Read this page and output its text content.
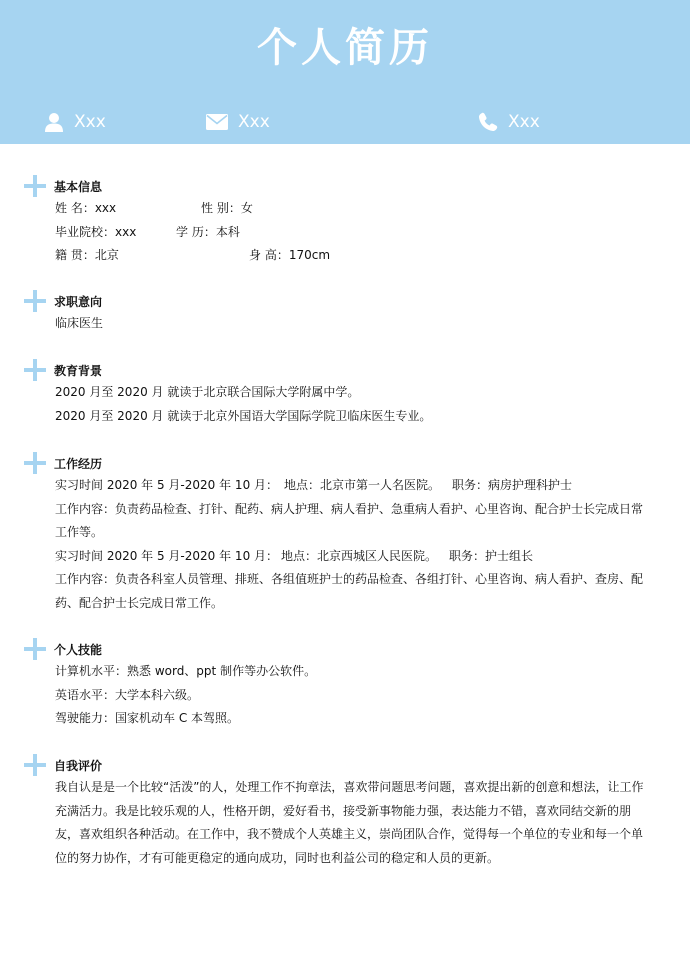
个人简历
Xxx	Xxx	Xxx
基本信息
姓 名：xxx	性 别：女
毕业院校：xxx	学 历：本科
籍 贯：北京	身 高：170cm
求职意向
临床医生
教育背景
2020 月至 2020 月 就读于北京联合国际大学附属中学。
2020 月至 2020 月 就读于北京外国语大学国际学院卫临床医生专业。
工作经历
实习时间 2020 年 5 月-2020 年 10 月： 地点：北京市第一人名医院。 职务：病房护理科护士
工作内容：负责药品检查、打针、配药、病人护理、病人看护、急重病人看护、心里咨询、配合护士长完成日常工作等。
实习时间 2020 年 5 月-2020 年 10 月： 地点：北京西城区人民医院。 职务：护士组长
工作内容：负责各科室人员管理、排班、各组值班护士的药品检查、各组打针、心里咨询、病人看护、查房、配药、配合护士长完成日常工作。
个人技能
计算机水平：熟悉 word、ppt 制作等办公软件。
英语水平：大学本科六级。
驾驶能力：国家机动车 C 本驾照。
自我评价
我自认是是一个比较“活泼”的人，处理工作不拘章法，喜欢带问题思考问题，喜欢提出新的创意和想法，让工作充满活力。我是比较乐观的人，性格开朗，爱好看书，接受新事物能力强，表达能力不错，喜欢同结交新的朋友，喜欢组织各种活动。在工作中，我不赞成个人英雄主义，崇尚团队合作，觉得每一个单位的专业和每一个单位的努力协作，才有可能更稳定的通向成功，同时也利益公司的稳定和人员的更新。
